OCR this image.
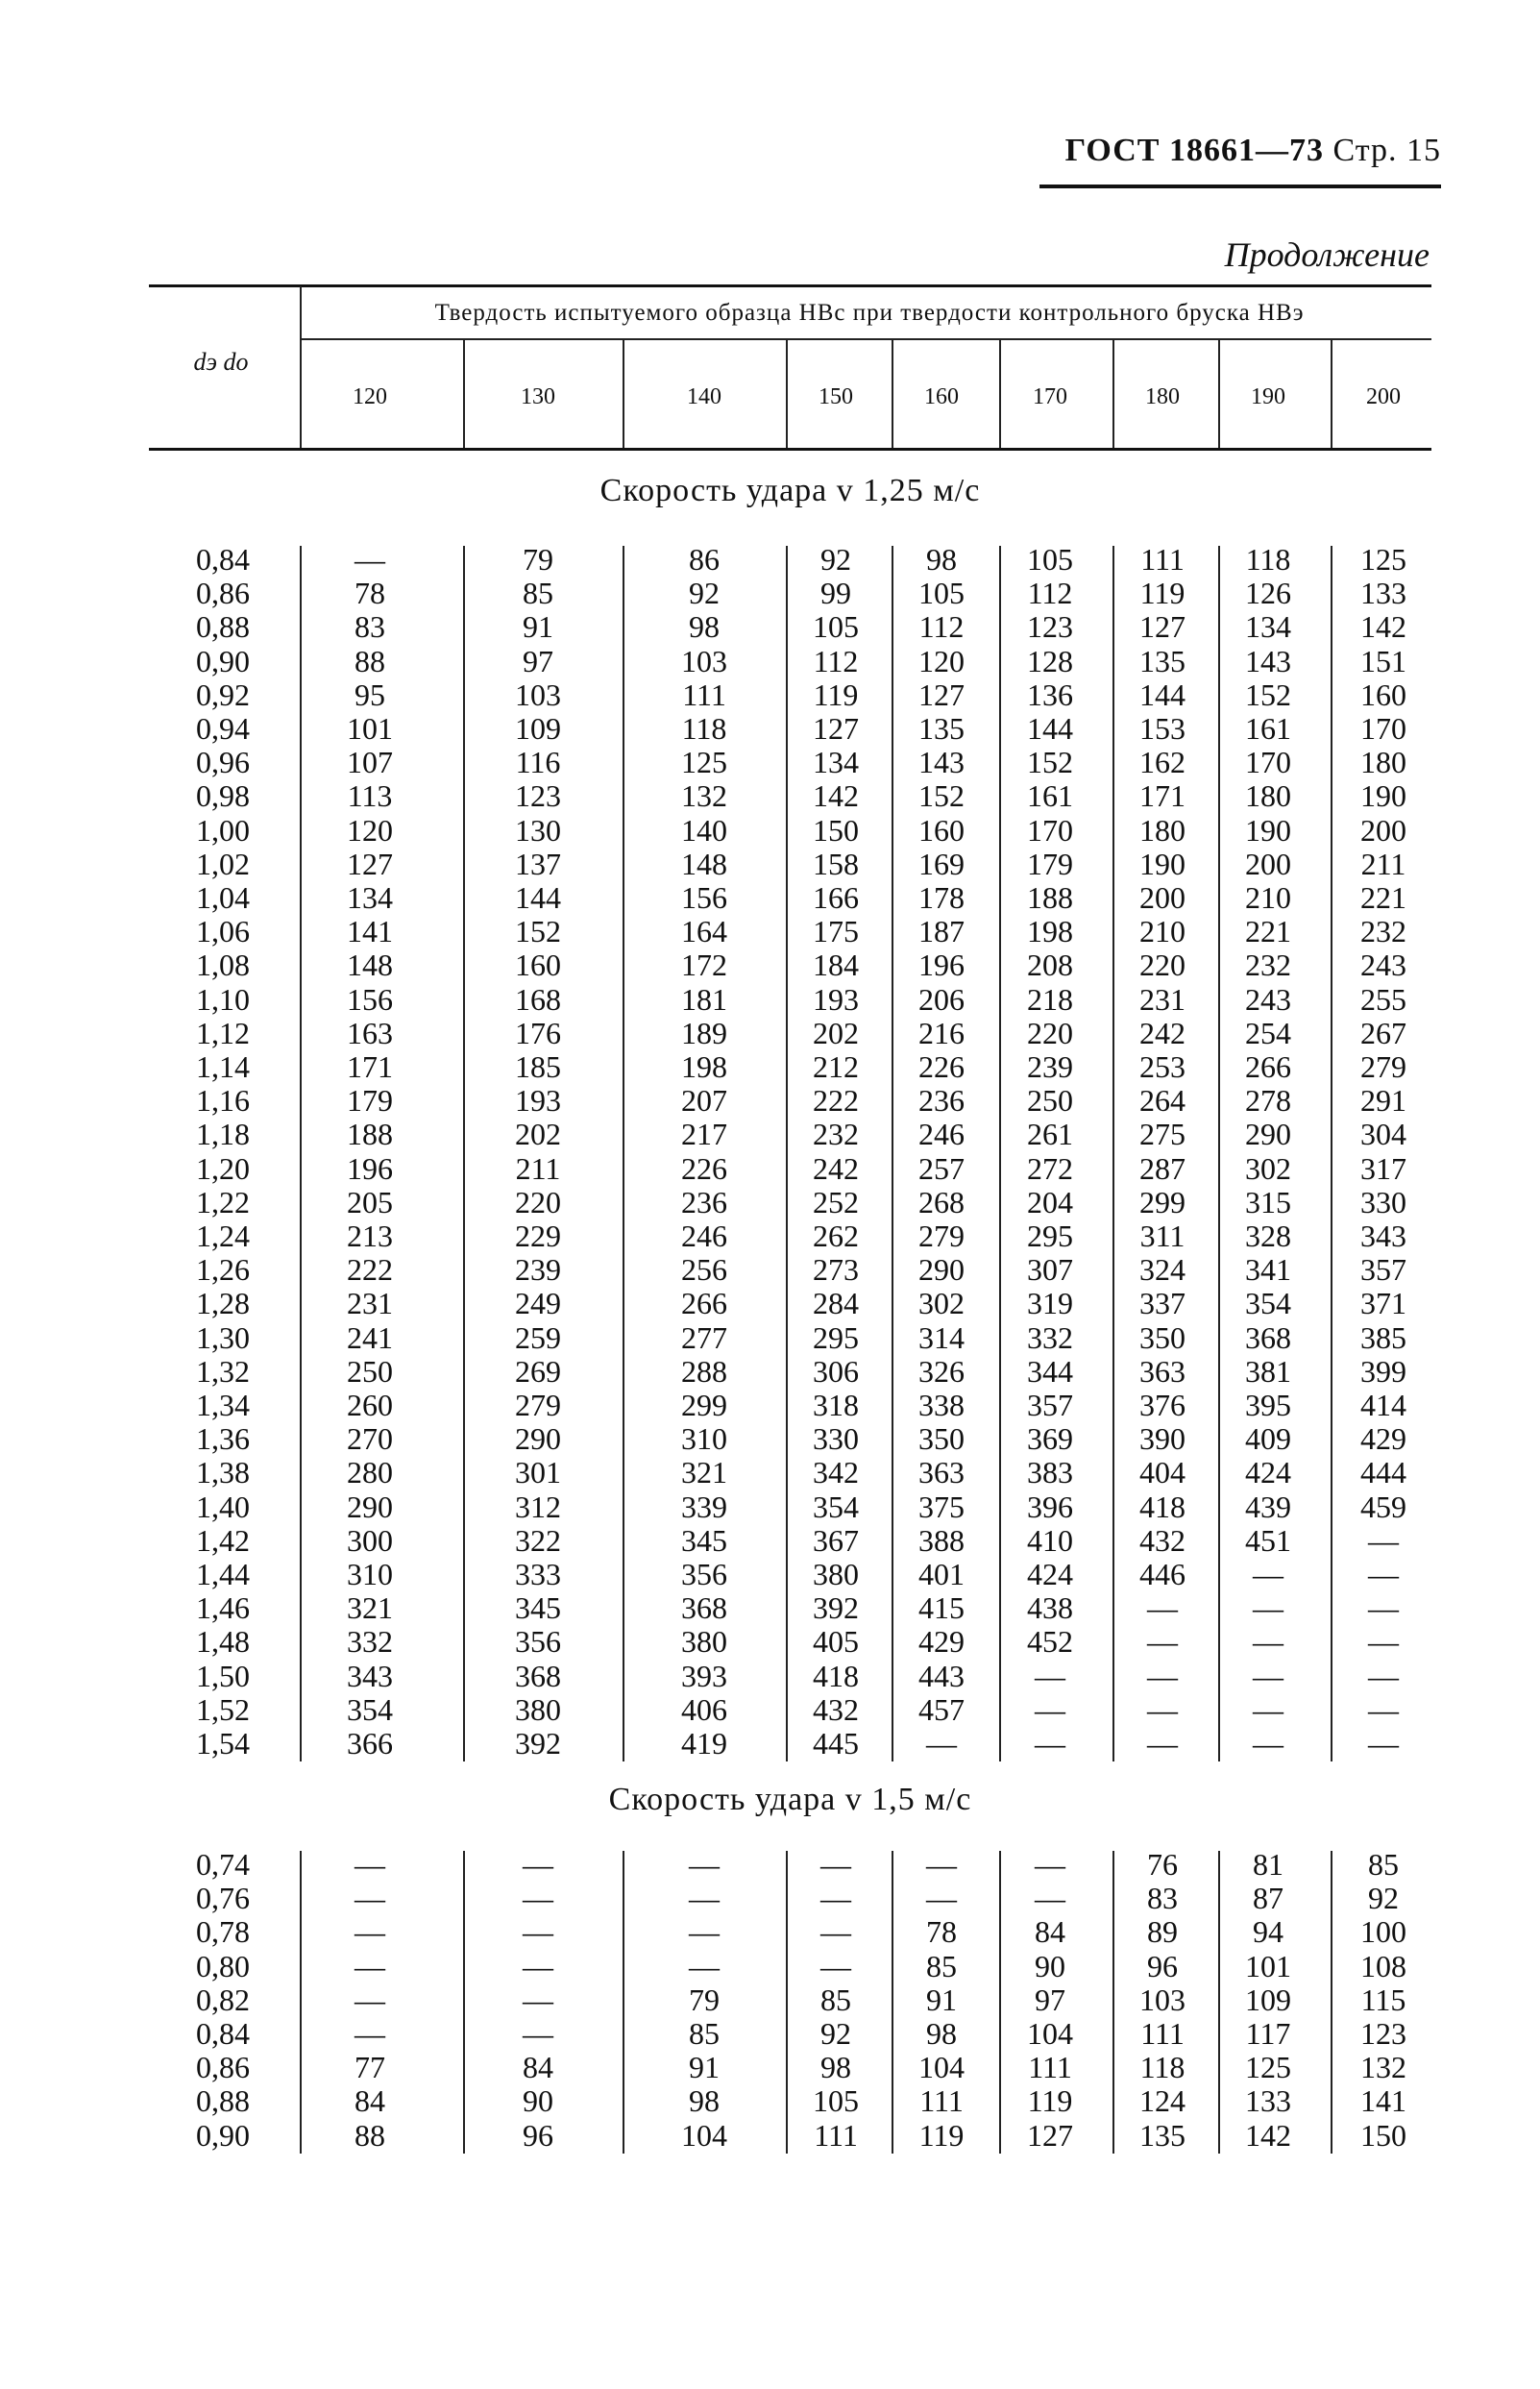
ГОСТ 18661—73 Стр. 15
Продолжение
dэ dо
Твердость испытуемого образца HBс при твердости контрольного бруска HBэ
120	130	140	150	160	170	180	190	200
Скорость удара v 1,25 м/с
0,84	—	79	86	92	98	105	111	118	125
0,86	78	85	92	99	105	112	119	126	133
0,88	83	91	98	105	112	123	127	134	142
0,90	88	97	103	112	120	128	135	143	151
0,92	95	103	111	119	127	136	144	152	160
0,94	101	109	118	127	135	144	153	161	170
0,96	107	116	125	134	143	152	162	170	180
0,98	113	123	132	142	152	161	171	180	190
1,00	120	130	140	150	160	170	180	190	200
1,02	127	137	148	158	169	179	190	200	211
1,04	134	144	156	166	178	188	200	210	221
1,06	141	152	164	175	187	198	210	221	232
1,08	148	160	172	184	196	208	220	232	243
1,10	156	168	181	193	206	218	231	243	255
1,12	163	176	189	202	216	220	242	254	267
1,14	171	185	198	212	226	239	253	266	279
1,16	179	193	207	222	236	250	264	278	291
1,18	188	202	217	232	246	261	275	290	304
1,20	196	211	226	242	257	272	287	302	317
1,22	205	220	236	252	268	204	299	315	330
1,24	213	229	246	262	279	295	311	328	343
1,26	222	239	256	273	290	307	324	341	357
1,28	231	249	266	284	302	319	337	354	371
1,30	241	259	277	295	314	332	350	368	385
1,32	250	269	288	306	326	344	363	381	399
1,34	260	279	299	318	338	357	376	395	414
1,36	270	290	310	330	350	369	390	409	429
1,38	280	301	321	342	363	383	404	424	444
1,40	290	312	339	354	375	396	418	439	459
1,42	300	322	345	367	388	410	432	451	—
1,44	310	333	356	380	401	424	446	—	—
1,46	321	345	368	392	415	438	—	—	—
1,48	332	356	380	405	429	452	—	—	—
1,50	343	368	393	418	443	—	—	—	—
1,52	354	380	406	432	457	—	—	—	—
1,54	366	392	419	445	—	—	—	—	—
Скорость удара v 1,5 м/с
0,74	—	—	—	—	—	—	76	81	85
0,76	—	—	—	—	—	—	83	87	92
0,78	—	—	—	—	78	84	89	94	100
0,80	—	—	—	—	85	90	96	101	108
0,82	—	—	79	85	91	97	103	109	115
0,84	—	—	85	92	98	104	111	117	123
0,86	77	84	91	98	104	111	118	125	132
0,88	84	90	98	105	111	119	124	133	141
0,90	88	96	104	111	119	127	135	142	150
